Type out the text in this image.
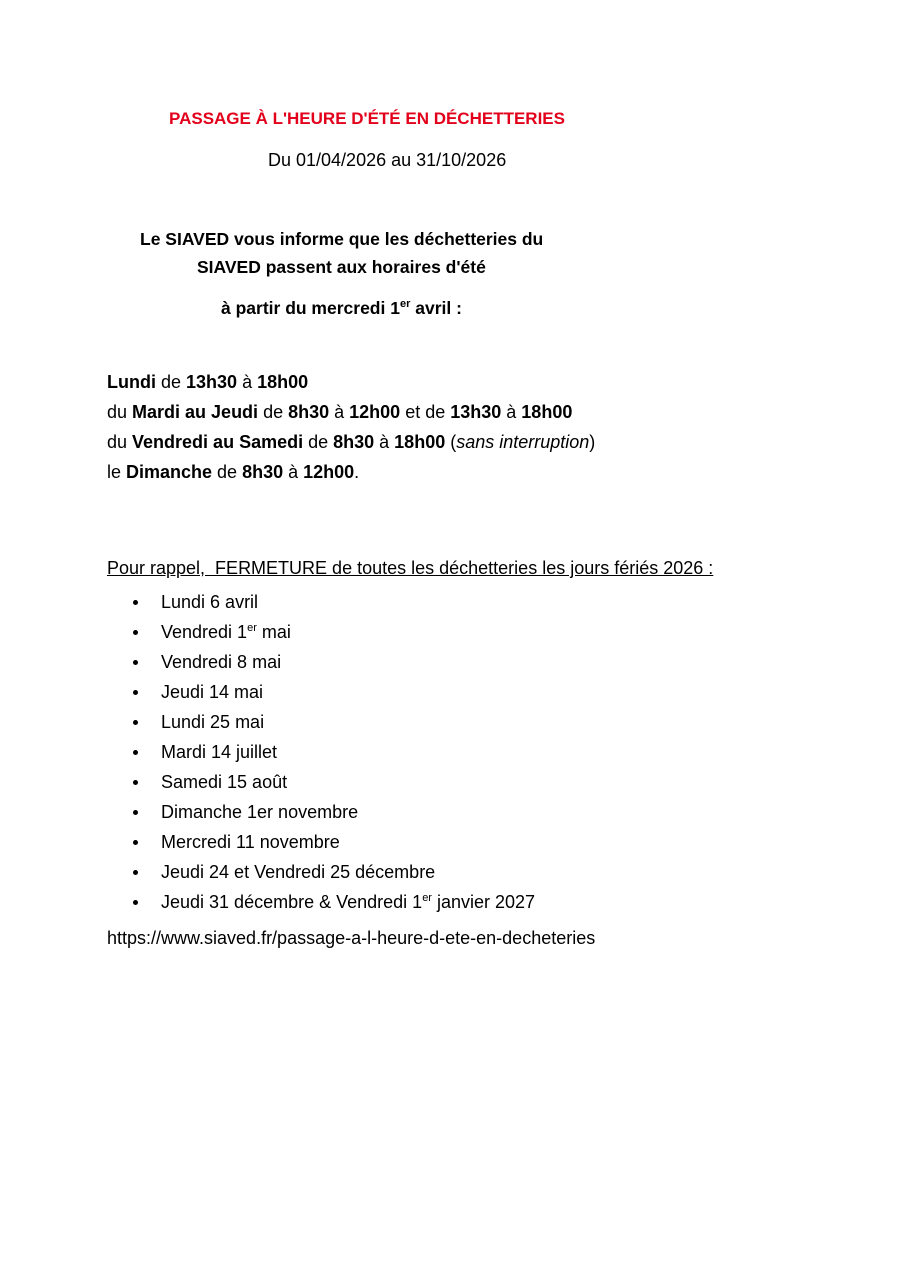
PASSAGE À L'HEURE D'ÉTÉ EN DÉCHETTERIES
Du 01/04/2026 au 31/10/2026
Le SIAVED vous informe que les déchetteries du
SIAVED passent aux horaires d'été
à partir du mercredi 1er avril :
Lundi de 13h30 à 18h00
du Mardi au Jeudi de 8h30 à 12h00 et de 13h30 à 18h00
du Vendredi au Samedi de 8h30 à 18h00 (sans interruption)
le Dimanche de 8h30 à 12h00.
Pour rappel,  FERMETURE de toutes les déchetteries les jours fériés 2026 :
Lundi 6 avril
Vendredi 1er mai
Vendredi 8 mai
Jeudi 14 mai
Lundi 25 mai
Mardi 14 juillet
Samedi 15 août
Dimanche 1er novembre
Mercredi 11 novembre
Jeudi 24 et Vendredi 25 décembre
Jeudi 31 décembre & Vendredi 1er janvier 2027
https://www.siaved.fr/passage-a-l-heure-d-ete-en-decheteries
